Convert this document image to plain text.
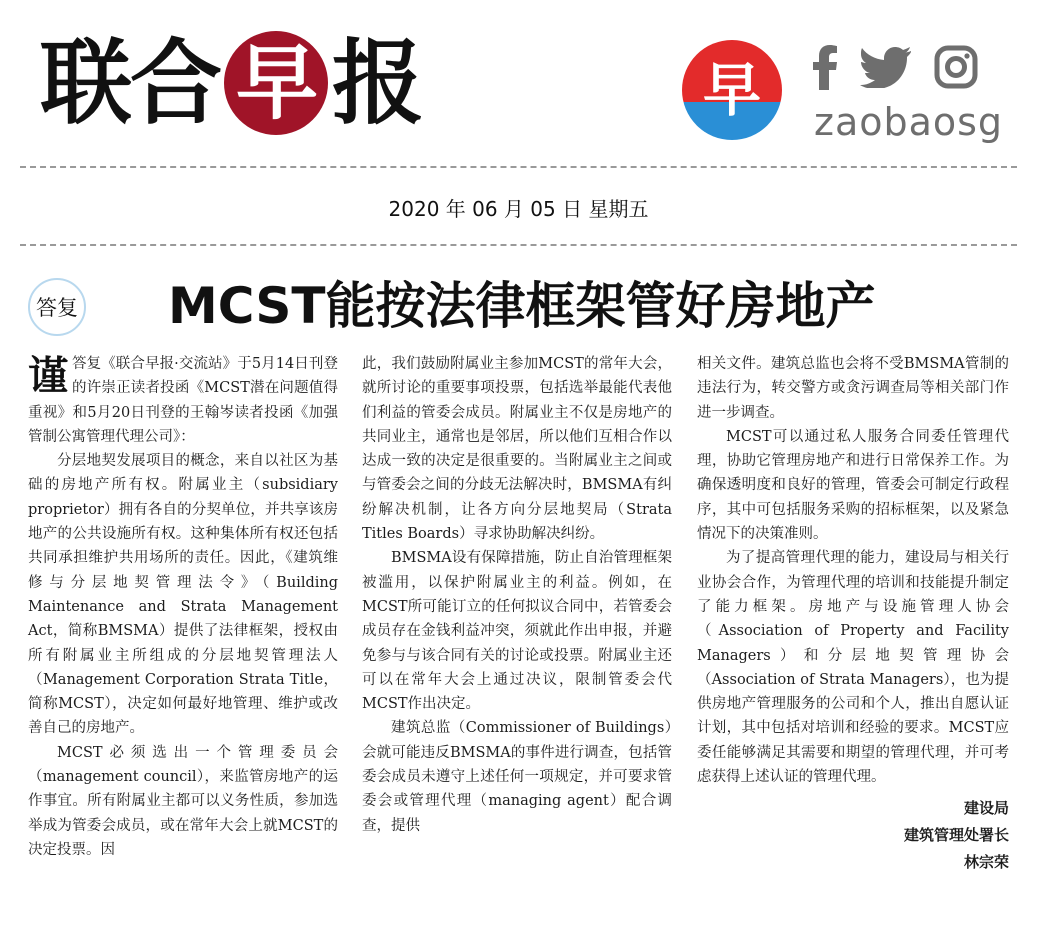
联 合 早 报	早 zaobaosg
2020 年 06 月 05 日 星期五
答复 MCST能按法律框架管好房地产

谨答复《联合早报·交流站》于5月14日刊登的许崇正读者投函《MCST潜在问题值得重视》和5月20日刊登的王翰岑读者投函《加强管制公寓管理代理公司》：

分层地契发展项目的概念，来自以社区为基础的房地产所有权。附属业主（subsidiary proprietor）拥有各自的分契单位，并共享该房地产的公共设施所有权。这种集体所有权还包括共同承担维护共用场所的责任。因此，《建筑维修与分层地契管理法令》（Building Maintenance and Strata Management Act，简称BMSMA）提供了法律框架，授权由所有附属业主所组成的分层地契管理法人（Management Corporation Strata Title，简称MCST），决定如何最好地管理、维护或改善自己的房地产。

MCST必须选出一个管理委员会（management council），来监管房地产的运作事宜。所有附属业主都可以义务性质，参加选举成为管委会成员，或在常年大会上就MCST的决定投票。因

此，我们鼓励附属业主参加MCST的常年大会，就所讨论的重要事项投票，包括选举最能代表他们利益的管委会成员。附属业主不仅是房地产的共同业主，通常也是邻居，所以他们互相合作以达成一致的决定是很重要的。当附属业主之间或与管委会之间的分歧无法解决时，BMSMA有纠纷解决机制，让各方向分层地契局（Strata Titles Boards）寻求协助解决纠纷。

BMSMA设有保障措施，防止自治管理框架被滥用，以保护附属业主的利益。例如，在MCST所可能订立的任何拟议合同中，若管委会成员存在金钱利益冲突，须就此作出申报，并避免参与与该合同有关的讨论或投票。附属业主还可以在常年大会上通过决议，限制管委会代MCST作出决定。

建筑总监（Commissioner of Buildings）会就可能违反BMSMA的事件进行调查，包括管委会成员未遵守上述任何一项规定，并可要求管委会或管理代理（managing agent）配合调查，提供

相关文件。建筑总监也会将不受BMSMA管制的违法行为，转交警方或贪污调查局等相关部门作进一步调查。

MCST可以通过私人服务合同委任管理代理，协助它管理房地产和进行日常保养工作。为确保透明度和良好的管理，管委会可制定行政程序，其中可包括服务采购的招标框架，以及紧急情况下的决策准则。

为了提高管理代理的能力，建设局与相关行业协会合作，为管理代理的培训和技能提升制定了能力框架。房地产与设施管理人协会（Association of Property and Facility Managers）和分层地契管理协会（Association of Strata Managers），也为提供房地产管理服务的公司和个人，推出自愿认证计划，其中包括对培训和经验的要求。MCST应委任能够满足其需要和期望的管理代理，并可考虑获得上述认证的管理代理。

建设局
建筑管理处署长
林宗荣
